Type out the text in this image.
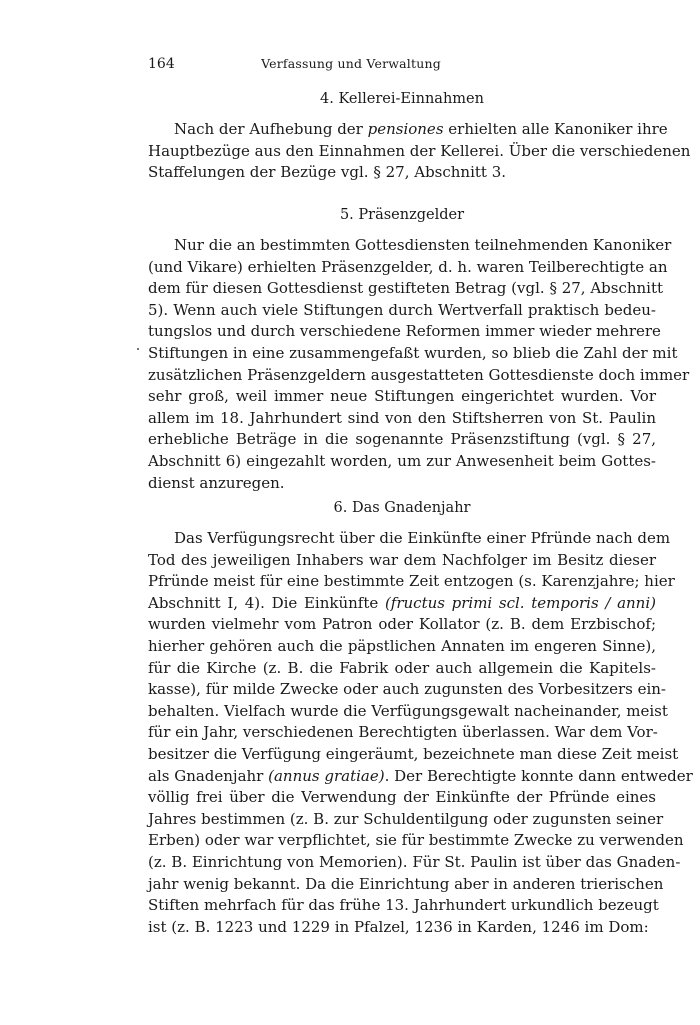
164	Verfassung und Verwaltung
4. Kellerei-Einnahmen
Nach der Aufhebung der pensiones erhielten alle Kanoniker ihre
Hauptbezüge aus den Einnahmen der Kellerei. Über die verschiedenen
Staffelungen der Bezüge vgl. § 27, Abschnitt 3.
5. Präsenzgelder
Nur die an bestimmten Gottesdiensten teilnehmenden Kanoniker
(und Vikare) erhielten Präsenzgelder, d. h. waren Teilberechtigte an
dem für diesen Gottesdienst gestifteten Betrag (vgl. § 27, Abschnitt
5). Wenn auch viele Stiftungen durch Wertverfall praktisch bedeu-
tungslos und durch verschiedene Reformen immer wieder mehrere
Stiftungen in eine zusammengefaßt wurden, so blieb die Zahl der mit
zusätzlichen Präsenzgeldern ausgestatteten Gottesdienste doch immer
sehr groß, weil immer neue Stiftungen eingerichtet wurden. Vor
allem im 18. Jahrhundert sind von den Stiftsherren von St. Paulin
erhebliche Beträge in die sogenannte Präsenzstiftung (vgl. § 27,
Abschnitt 6) eingezahlt worden, um zur Anwesenheit beim Gottes-
dienst anzuregen.
6. Das Gnadenjahr
Das Verfügungsrecht über die Einkünfte einer Pfründe nach dem
Tod des jeweiligen Inhabers war dem Nachfolger im Besitz dieser
Pfründe meist für eine bestimmte Zeit entzogen (s. Karenzjahre; hier
Abschnitt I, 4). Die Einkünfte (fructus primi scl. temporis / anni)
wurden vielmehr vom Patron oder Kollator (z. B. dem Erzbischof;
hierher gehören auch die päpstlichen Annaten im engeren Sinne),
für die Kirche (z. B. die Fabrik oder auch allgemein die Kapitels-
kasse), für milde Zwecke oder auch zugunsten des Vorbesitzers ein-
behalten. Vielfach wurde die Verfügungsgewalt nacheinander, meist
für ein Jahr, verschiedenen Berechtigten überlassen. War dem Vor-
besitzer die Verfügung eingeräumt, bezeichnete man diese Zeit meist
als Gnadenjahr (annus gratiae). Der Berechtigte konnte dann entweder
völlig frei über die Verwendung der Einkünfte der Pfründe eines
Jahres bestimmen (z. B. zur Schuldentilgung oder zugunsten seiner
Erben) oder war verpflichtet, sie für bestimmte Zwecke zu verwenden
(z. B. Einrichtung von Memorien). Für St. Paulin ist über das Gnaden-
jahr wenig bekannt. Da die Einrichtung aber in anderen trierischen
Stiften mehrfach für das frühe 13. Jahrhundert urkundlich bezeugt
ist (z. B. 1223 und 1229 in Pfalzel, 1236 in Karden, 1246 im Dom:
